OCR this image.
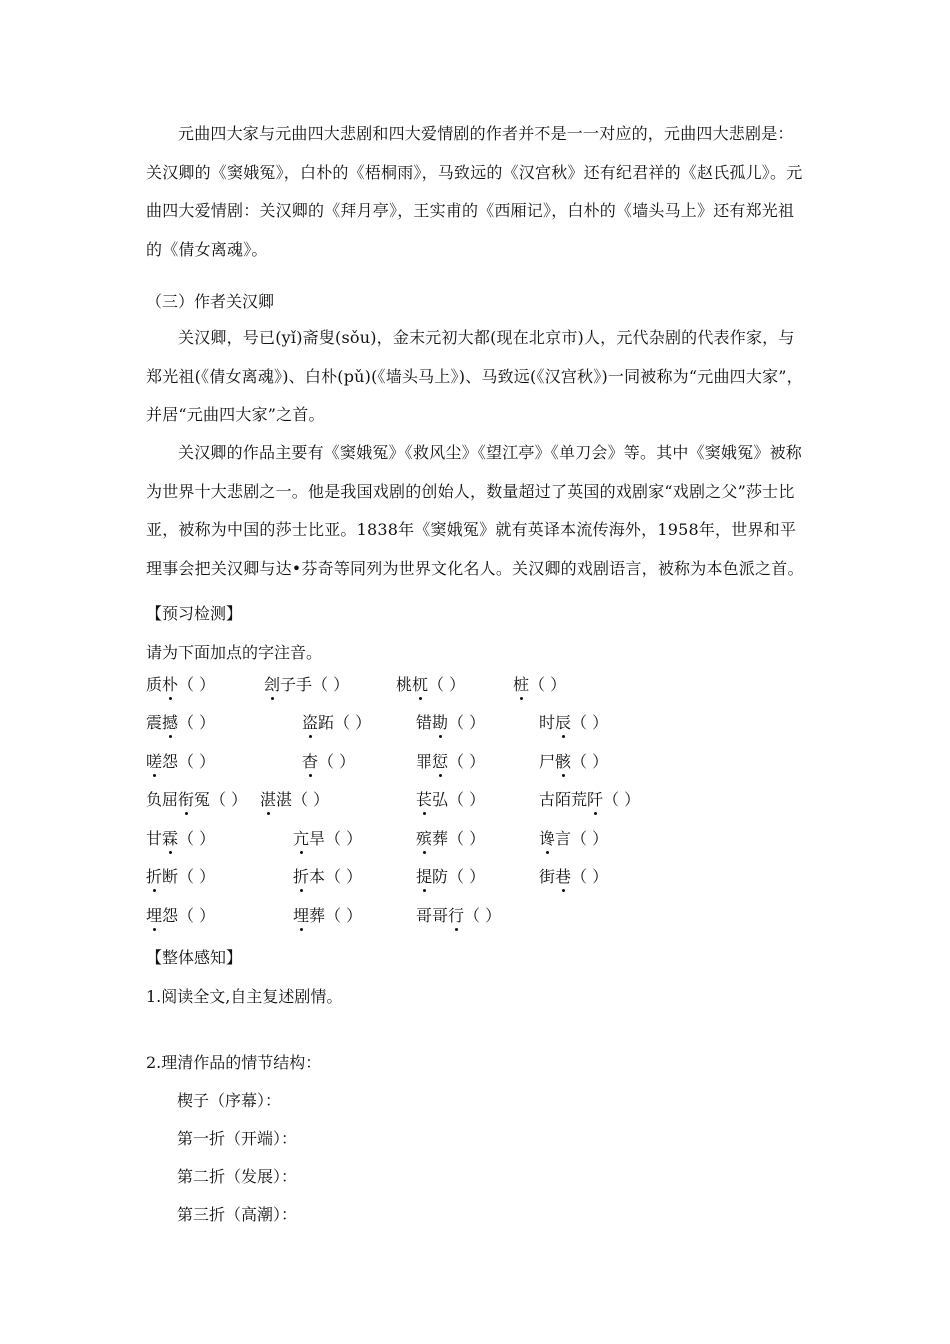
元曲四大家与元曲四大悲剧和四大爱情剧的作者并不是一一对应的，元曲四大悲剧是：关汉卿的《窦娥冤》，白朴的《梧桐雨》，马致远的《汉宫秋》还有纪君祥的《赵氏孤儿》。元曲四大爱情剧：关汉卿的《拜月亭》，王实甫的《西厢记》，白朴的《墙头马上》还有郑光祖的《倩女离魂》。

（三）作者关汉卿

关汉卿，号已(yǐ)斋叟(sǒu)，金末元初大都(现在北京市)人，元代杂剧的代表作家，与郑光祖(《倩女离魂》)、白朴(pǔ)(《墙头马上》)、马致远(《汉宫秋》)一同被称为“元曲四大家”，并居“元曲四大家”之首。

关汉卿的作品主要有《窦娥冤》《救风尘》《望江亭》《单刀会》等。其中《窦娥冤》被称为世界十大悲剧之一。他是我国戏剧的创始人，数量超过了英国的戏剧家“戏剧之父”莎士比亚，被称为中国的莎士比亚。1838年《窦娥冤》就有英译本流传海外，1958年，世界和平理事会把关汉卿与达•芬奇等同列为世界文化名人。关汉卿的戏剧语言，被称为本色派之首。

【预习检测】

请为下面加点的字注音。

质朴（ ）	刽子手（ ）	桃杌（ ）	桩（ ）
震撼（ ）	盗跖（ ）	错勘（ ）	时辰（ ）
嗟怨（ ）	杳（ ）	罪愆（ ）	尸骸（ ）
负屈衔冤（ ） 湛湛（ ）	苌弘（ ）	古陌荒阡（ ）
甘霖（ ）	亢旱（ ）	殡葬（ ）	谗言（ ）
折断（ ）	折本（ ）	提防（ ）	街巷（ ）
埋怨（ ）	埋葬（ ）	哥哥行（ ）

【整体感知】

1.阅读全文,自主复述剧情。

2.理清作品的情节结构：

楔子（序幕）：

第一折（开端）：

第二折（发展）：

第三折（高潮）：
